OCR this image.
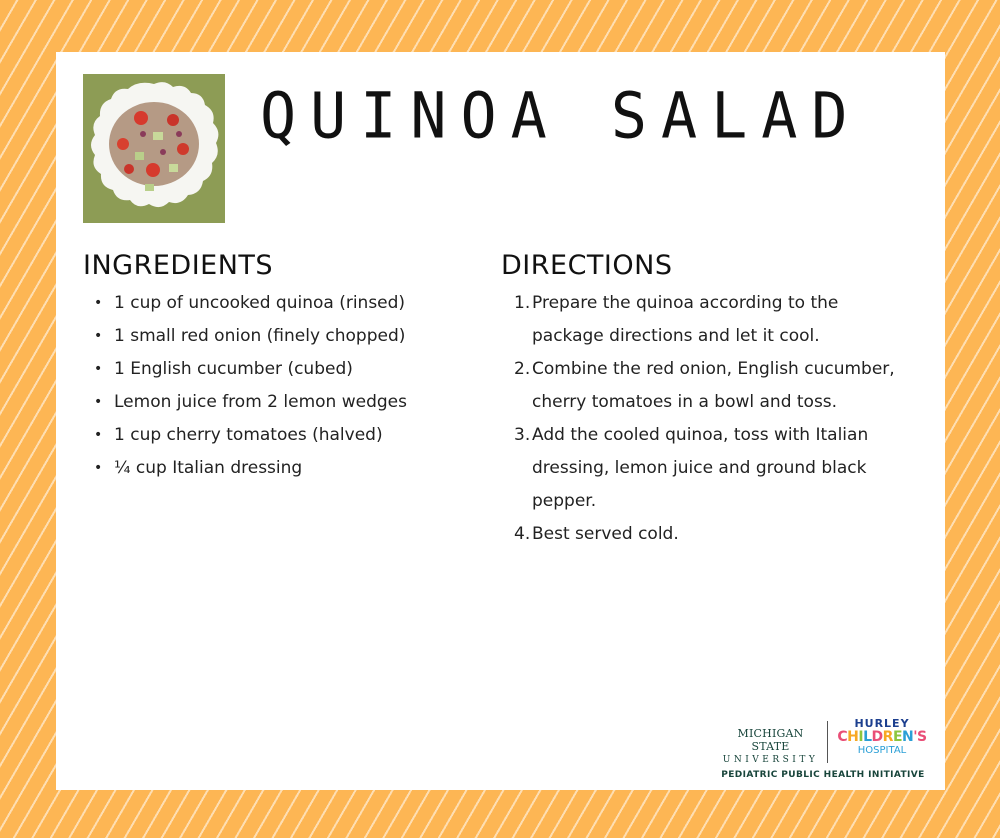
QUINOA SALAD
INGREDIENTS
• 1 cup of uncooked quinoa (rinsed)
• 1 small red onion (finely chopped)
• 1 English cucumber (cubed)
• Lemon juice from 2 lemon wedges
• 1 cup cherry tomatoes (halved)
• ¼ cup Italian dressing
DIRECTIONS
1. Prepare the quinoa according to the package directions and let it cool.
2. Combine the red onion, English cucumber, cherry tomatoes in a bowl and toss.
3. Add the cooled quinoa, toss with Italian dressing, lemon juice and ground black pepper.
4. Best served cold.
MICHIGAN STATE
UNIVERSITY
HURLEY
CHILDREN'S
HOSPITAL
PEDIATRIC PUBLIC HEALTH INITIATIVE
